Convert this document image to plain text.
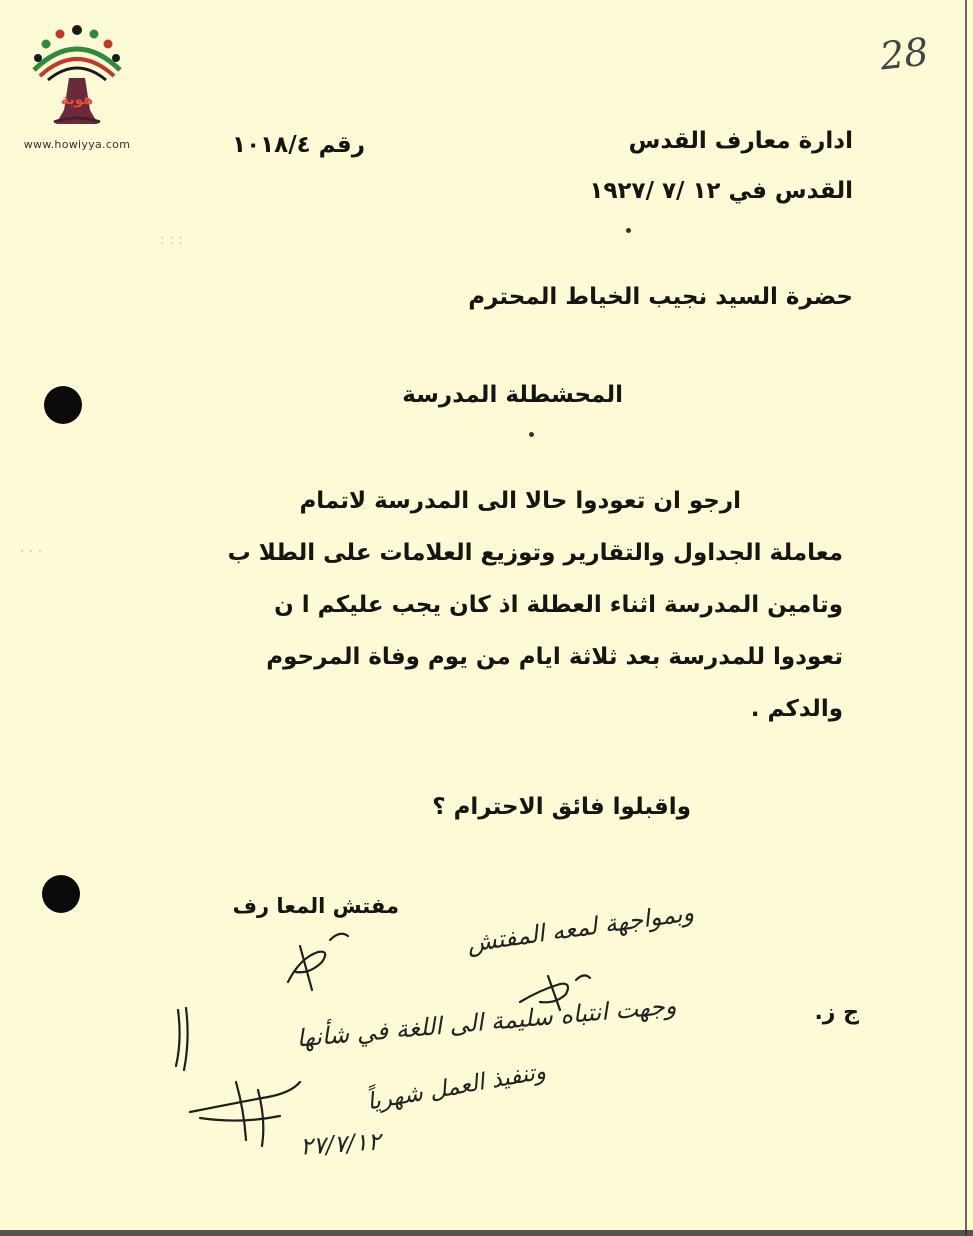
هوية
www.howiyya.com
28
ادارة معارف القدس
رقم ١٠١٨/٤
القدس في ١٢ /٧ /١٩٢٧
حضرة السيد نجيب الخياط المحترم
المحشطلة المدرسة
ارجو ان تعودوا حالا الى المدرسة لاتمام
معاملة الجداول والتقارير وتوزيع العلامات على الطلا ب
وتامين المدرسة اثناء العطلة اذ كان يجب عليكم ا ن
تعودوا للمدرسة بعد ثلاثة ايام من يوم وفاة المرحوم
والدكم .
واقبلوا فائق الاحترام ؟
مفتش المعا رف
ج ز.
: : :
. . .
وبمواجهة لمعه المفتش
وجهت انتباه سليمة الى اللغة في شأنها
وتنفيذ العمل شهرياً
٢٧/٧/١٢
